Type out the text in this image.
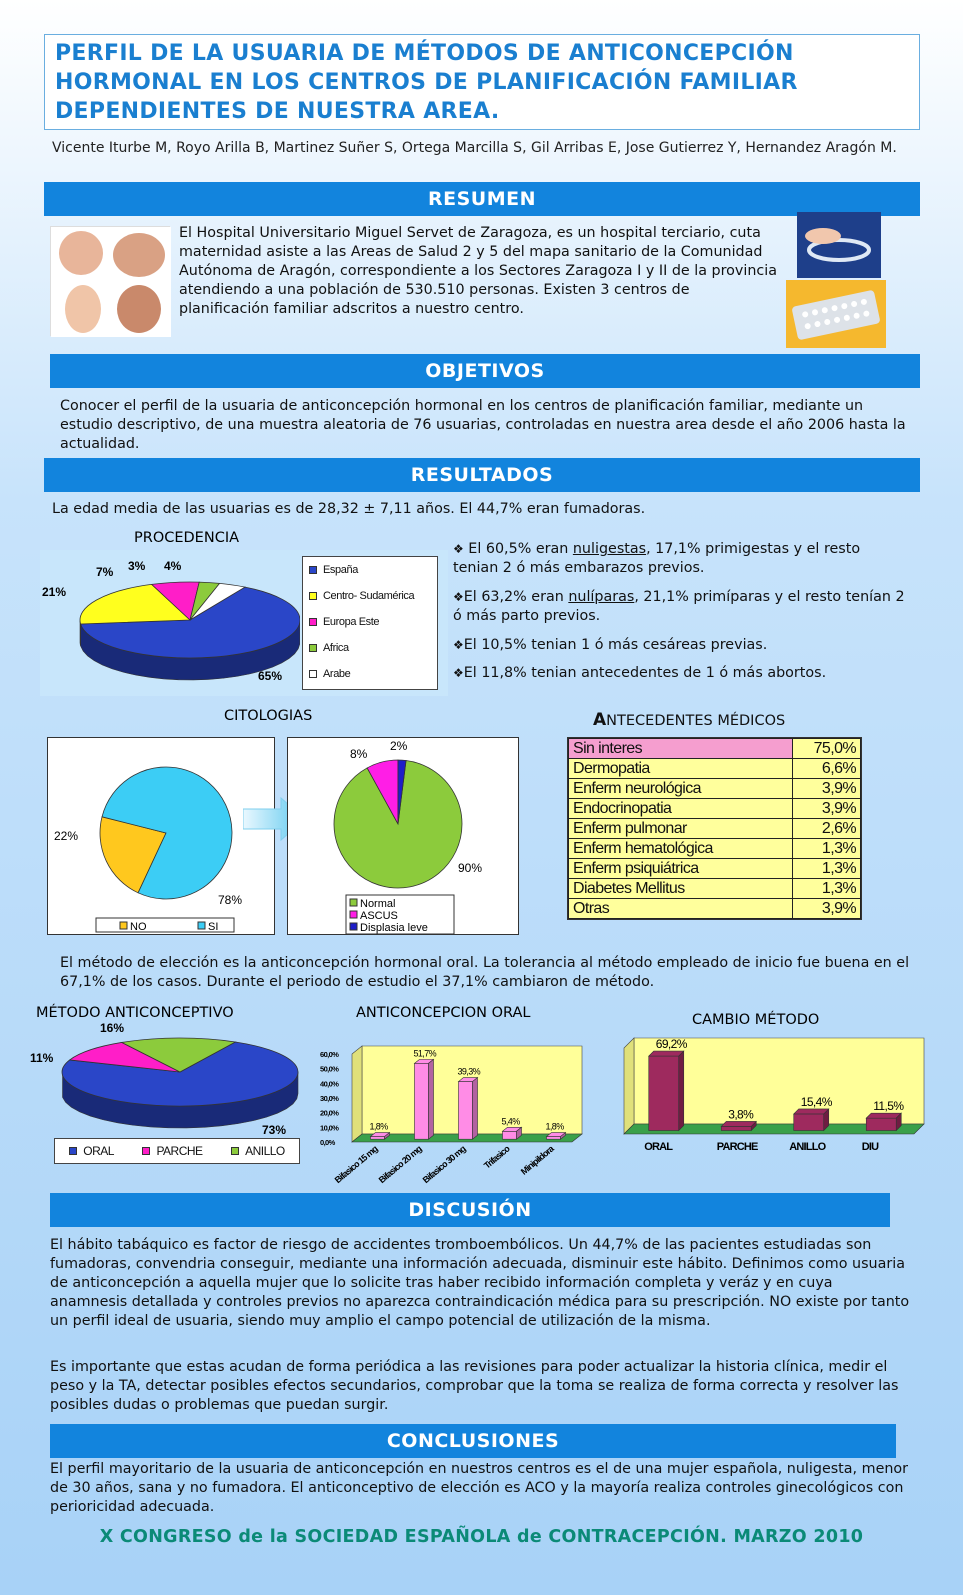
PERFIL DE LA USUARIA DE MÉTODOS DE ANTICONCEPCIÓN HORMONAL EN LOS CENTROS DE PLANIFICACIÓN FAMILIAR DEPENDIENTES DE NUESTRA AREA.

Vicente Iturbe M, Royo Arilla B, Martinez Suñer S, Ortega Marcilla S, Gil Arribas E, Jose Gutierrez Y, Hernandez Aragón M.
RESUMEN
El Hospital Universitario Miguel Servet de Zaragoza, es un hospital terciario, cuta maternidad asiste a las Areas de Salud 2 y 5 del mapa sanitario de la Comunidad Autónoma de Aragón, correspondiente a los Sectores Zaragoza I y II de la provincia atendiendo a una población de 530.510 personas. Existen 3 centros de planificación familiar adscritos a nuestro centro.
OBJETIVOS
Conocer el perfil de la usuaria de anticoncepción hormonal en los centros de planificación familiar, mediante un estudio descriptivo, de una muestra aleatoria de 76 usuarias, controladas en nuestra area desde el año 2006 hasta la actualidad.
RESULTADOS
La edad media de las usuarias es de 28,32 ± 7,11 años. El 44,7% eran fumadoras.
PROCEDENCIA
65%
21%
7% 3% 4%	España
Centro- Sudamérica
Europa Este
Africa
Arabe
❖ El 60,5% eran nuligestas, 17,1% primigestas y el resto tenian 2 ó más embarazos previos.
❖El 63,2% eran nulíparas, 21,1% primíparas y el resto tenían 2 ó más parto previos.
❖El 10,5% tenian 1 ó más cesáreas previas.
❖El 11,8% tenian antecedentes de 1 ó más abortos.
CITOLOGIAS
22%
78%
NO	SI
90%
8%
2%
Normal
ASCUS
Displasia leve
ANTECEDENTES MÉDICOS
Sin interes	75,0%
Dermopatia	6,6%
Enferm neurológica	3,9%
Endocrinopatia	3,9%
Enferm pulmonar	2,6%
Enferm hematológica	1,3%
Enferm psiquiátrica	1,3%
Diabetes Mellitus	1,3%
Otras	3,9%
El método de elección es la anticoncepción hormonal oral. La tolerancia al método empleado de inicio fue buena en el 67,1% de los casos. Durante el periodo de estudio el 37,1% cambiaron de método.
MÉTODO ANTICONCEPTIVO
73%
11%
16%
ORAL	PARCHE	ANILLO
ANTICONCEPCION ORAL
1,8%
Bifasico 15 mg
51,7%
Bifasico 20 mg
39,3%
Bifasico 30 mg
5,4%
Trifasico
1,8%
Minipildora
0,0%
10,0%
20,0%
30,0%
40,0%
50,0%
60,0%
CAMBIO MÉTODO
69,2%
ORAL
3,8%
PARCHE
15,4%
ANILLO
11,5%
DIU
DISCUSIÓN
El hábito tabáquico es factor de riesgo de accidentes tromboembólicos. Un 44,7% de las pacientes estudiadas son fumadoras, convendria conseguir, mediante una información adecuada, disminuir este hábito. Definimos como usuaria de anticoncepción a aquella mujer que lo solicite tras haber recibido información completa y veráz y en cuya anamnesis detallada y controles previos no aparezca contraindicación médica para su prescripción. NO existe por tanto un perfil ideal de usuaria, siendo muy amplio el campo potencial de utilización de la misma.
Es importante que estas acudan de forma periódica a las revisiones para poder actualizar la historia clínica, medir el peso y la TA, detectar posibles efectos secundarios, comprobar que la toma se realiza de forma correcta y resolver las posibles dudas o problemas que puedan surgir.
CONCLUSIONES
El perfil mayoritario de la usuaria de anticoncepción en nuestros centros es el de una mujer española, nuligesta, menor de 30 años, sana y no fumadora. El anticonceptivo de elección es ACO y la mayoría realiza controles ginecológicos con perioricidad adecuada.
X CONGRESO de la SOCIEDAD ESPAÑOLA de CONTRACEPCIÓN. MARZO 2010
